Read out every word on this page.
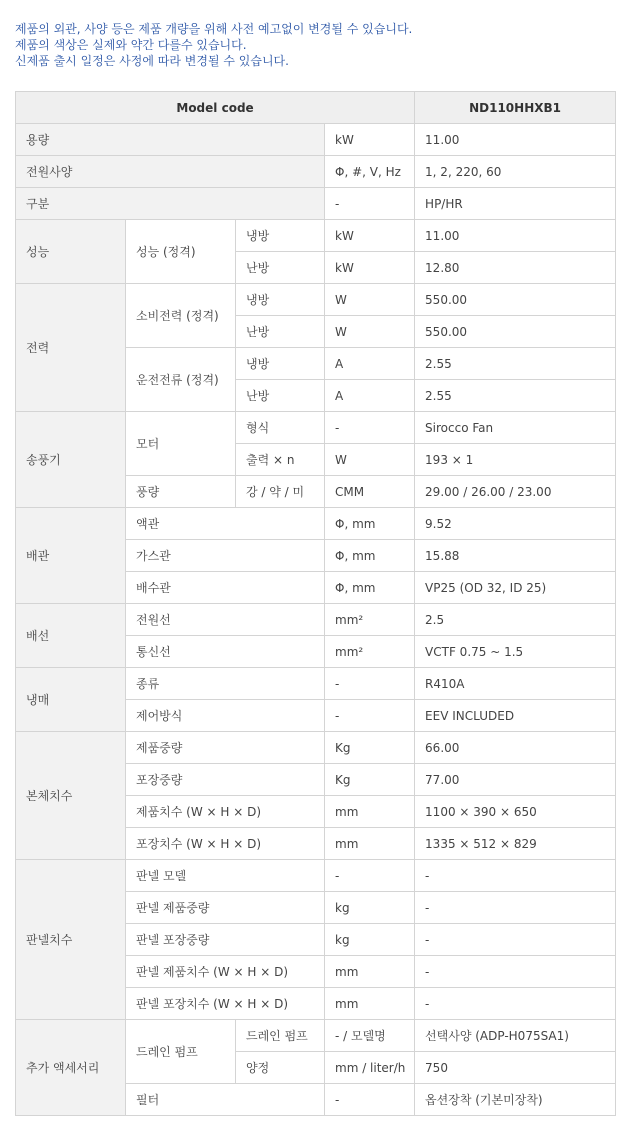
제품의 외관, 사양 등은 제품 개량을 위해 사전 예고없이 변경될 수 있습니다.
제품의 색상은 실제와 약간 다를수 있습니다.
신제품 출시 일정은 사정에 따라 변경될 수 있습니다.
Model code				ND110HHXB1
용량			kW	11.00
전원사양			Φ, #, V, Hz	1, 2, 220, 60
구분			-	HP/HR
성능	성능 (정격)	냉방	kW	11.00
		난방	kW	12.80
전력	소비전력 (정격)	냉방	W	550.00
		난방	W	550.00
	운전전류 (정격)	냉방	A	2.55
		난방	A	2.55
송풍기	모터	형식	-	Sirocco Fan
		출력 × n	W	193 × 1
	풍량	강 / 약 / 미	CMM	29.00 / 26.00 / 23.00
배관	액관		Φ, mm	9.52
	가스관		Φ, mm	15.88
	배수관		Φ, mm	VP25 (OD 32, ID 25)
배선	전원선		mm²	2.5
	통신선		mm²	VCTF 0.75 ~ 1.5
냉매	종류		-	R410A
	제어방식		-	EEV INCLUDED
본체치수	제품중량		Kg	66.00
	포장중량		Kg	77.00
	제품치수 (W × H × D)		mm	1100 × 390 × 650
	포장치수 (W × H × D)		mm	1335 × 512 × 829
판넬치수	판넬 모델		-	-
	판넬 제품중량		kg	-
	판넬 포장중량		kg	-
	판넬 제품치수 (W × H × D)		mm	-
	판넬 포장치수 (W × H × D)		mm	-
추가 액세서리	드레인 펌프	드레인 펌프	- / 모델명	선택사양 (ADP-H075SA1)
		양정	mm / liter/h	750
	필터		-	옵션장착 (기본미장착)
